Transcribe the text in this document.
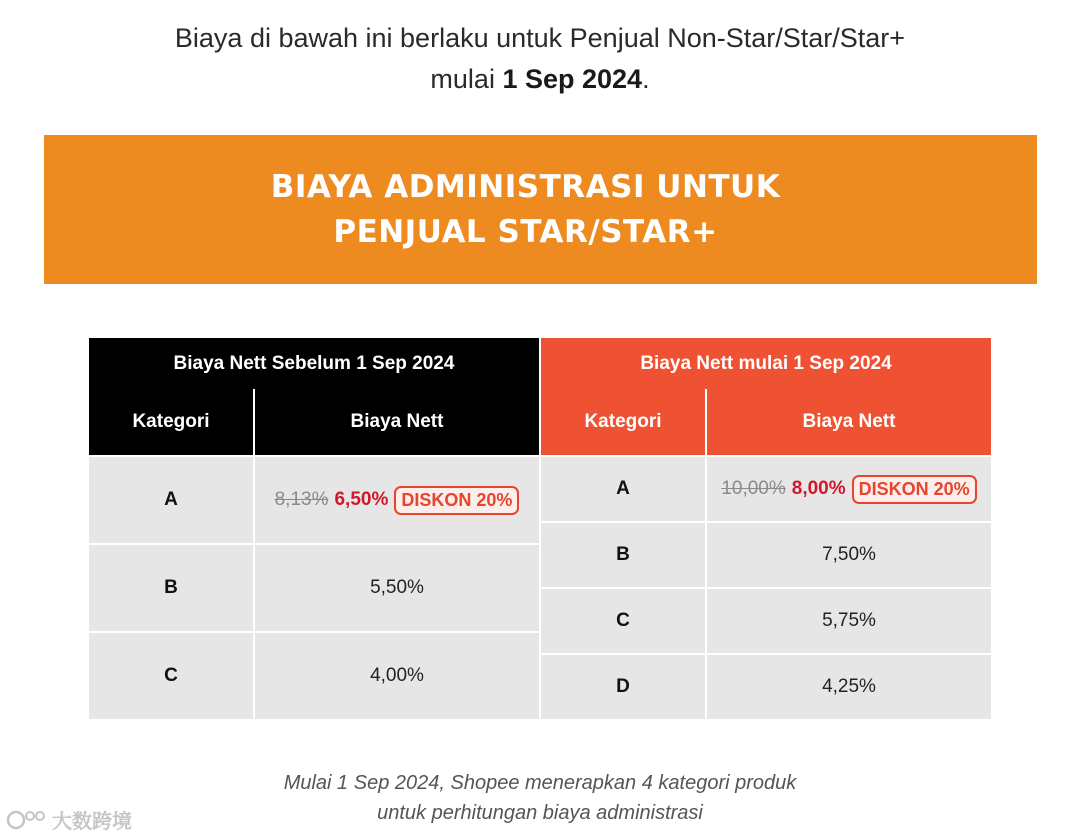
Biaya di bawah ini berlaku untuk Penjual Non-Star/Star/Star+
mulai 1 Sep 2024.
BIAYA ADMINISTRASI UNTUK
PENJUAL STAR/STAR+
Biaya Nett Sebelum 1 Sep 2024
Kategori	Biaya Nett
A	8,13% 6,50% DISKON 20%
B	5,50%
C	4,00%
Biaya Nett mulai 1 Sep 2024
Kategori	Biaya Nett
A	10,00% 8,00% DISKON 20%
B	7,50%
C	5,75%
D	4,25%
Mulai 1 Sep 2024, Shopee menerapkan 4 kategori produk
untuk perhitungan biaya administrasi
大数跨境
